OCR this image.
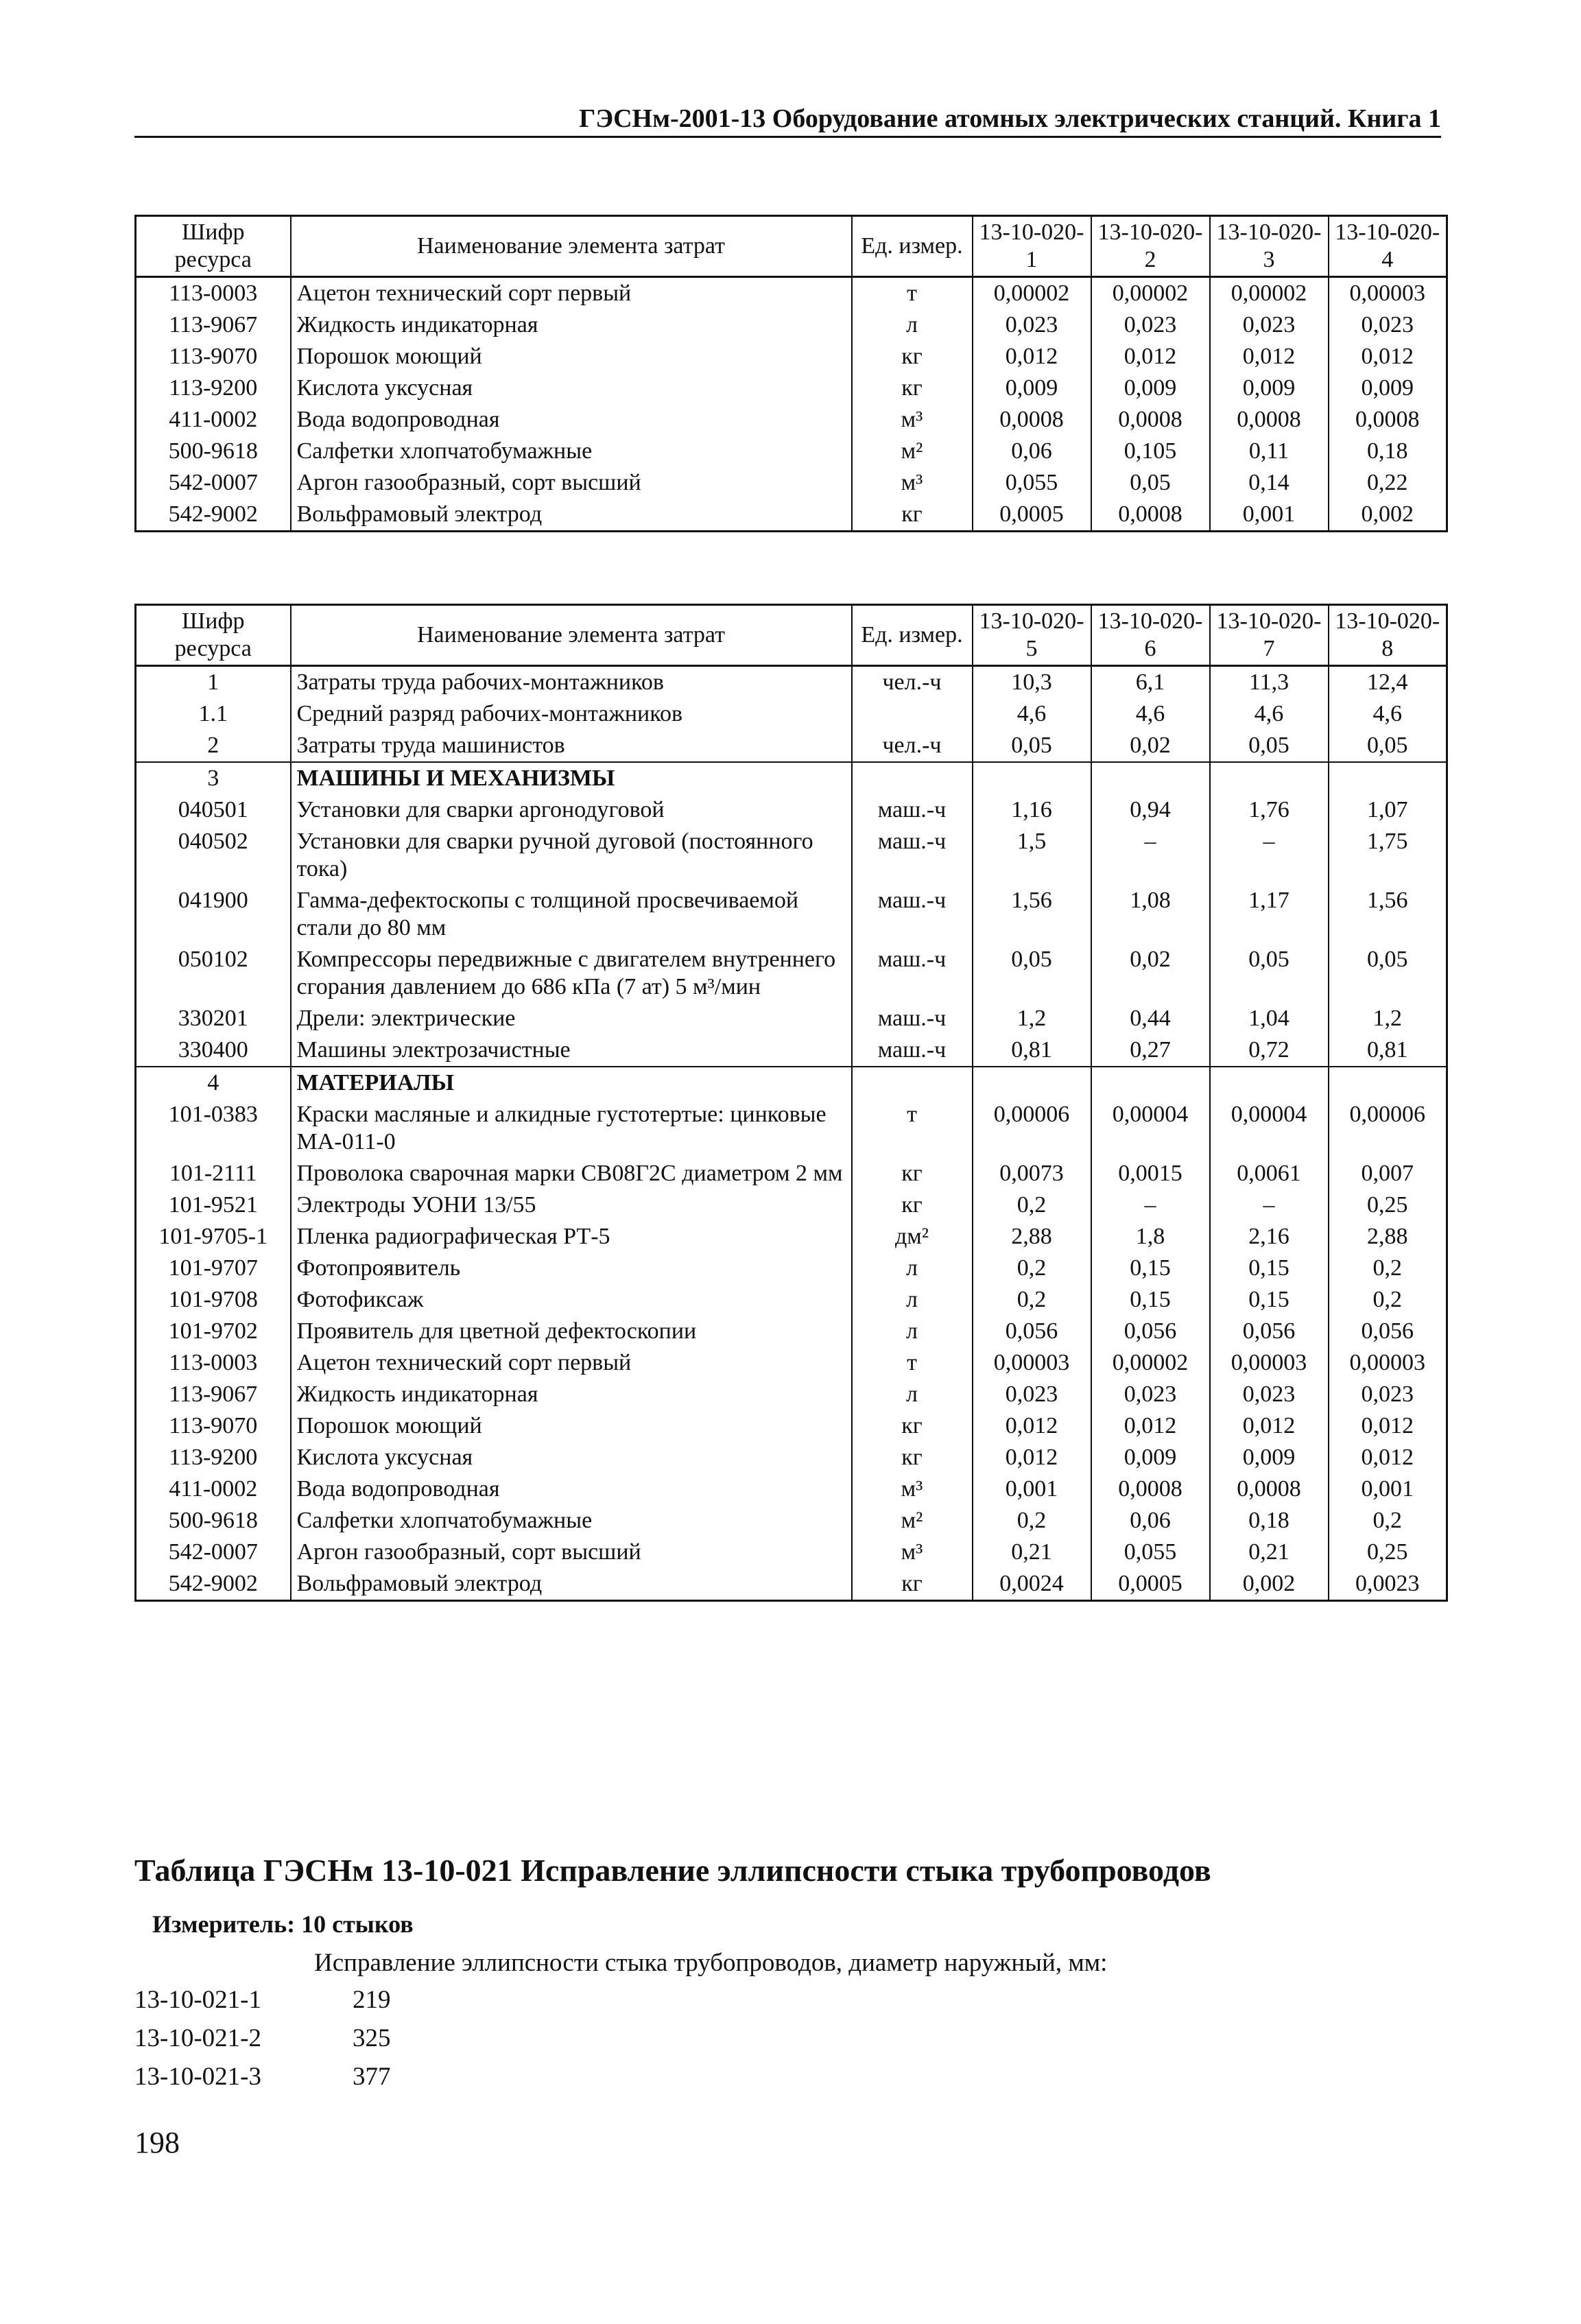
ГЭСНм-2001-13 Оборудование атомных электрических станций. Книга 1
Шифр ресурса	Наименование элемента затрат	Ед. измер.	13-10-020-1	13-10-020-2	13-10-020-3	13-10-020-4
113-0003	Ацетон технический сорт первый	т	0,00002	0,00002	0,00002	0,00003
113-9067	Жидкость индикаторная	л	0,023	0,023	0,023	0,023
113-9070	Порошок моющий	кг	0,012	0,012	0,012	0,012
113-9200	Кислота уксусная	кг	0,009	0,009	0,009	0,009
411-0002	Вода водопроводная	м³	0,0008	0,0008	0,0008	0,0008
500-9618	Салфетки хлопчатобумажные	м²	0,06	0,105	0,11	0,18
542-0007	Аргон газообразный, сорт высший	м³	0,055	0,05	0,14	0,22
542-9002	Вольфрамовый электрод	кг	0,0005	0,0008	0,001	0,002
Шифр ресурса	Наименование элемента затрат	Ед. измер.	13-10-020-5	13-10-020-6	13-10-020-7	13-10-020-8
1	Затраты труда рабочих-монтажников	чел.-ч	10,3	6,1	11,3	12,4
1.1	Средний разряд рабочих-монтажников		4,6	4,6	4,6	4,6
2	Затраты труда машинистов	чел.-ч	0,05	0,02	0,05	0,05
3	МАШИНЫ И МЕХАНИЗМЫ					
040501	Установки для сварки аргонодуговой	маш.-ч	1,16	0,94	1,76	1,07
040502	Установки для сварки ручной дуговой (постоянного тока)	маш.-ч	1,5	–	–	1,75
041900	Гамма-дефектоскопы с толщиной просвечиваемой стали до 80 мм	маш.-ч	1,56	1,08	1,17	1,56
050102	Компрессоры передвижные с двигателем внутреннего сгорания давлением до 686 кПа (7 ат) 5 м³/мин	маш.-ч	0,05	0,02	0,05	0,05
330201	Дрели: электрические	маш.-ч	1,2	0,44	1,04	1,2
330400	Машины электрозачистные	маш.-ч	0,81	0,27	0,72	0,81
4	МАТЕРИАЛЫ					
101-0383	Краски масляные и алкидные густотертые: цинковые МА-011-0	т	0,00006	0,00004	0,00004	0,00006
101-2111	Проволока сварочная марки СВ08Г2С диаметром 2 мм	кг	0,0073	0,0015	0,0061	0,007
101-9521	Электроды УОНИ 13/55	кг	0,2	–	–	0,25
101-9705-1	Пленка радиографическая РТ-5	дм²	2,88	1,8	2,16	2,88
101-9707	Фотопроявитель	л	0,2	0,15	0,15	0,2
101-9708	Фотофиксаж	л	0,2	0,15	0,15	0,2
101-9702	Проявитель для цветной дефектоскопии	л	0,056	0,056	0,056	0,056
113-0003	Ацетон технический сорт первый	т	0,00003	0,00002	0,00003	0,00003
113-9067	Жидкость индикаторная	л	0,023	0,023	0,023	0,023
113-9070	Порошок моющий	кг	0,012	0,012	0,012	0,012
113-9200	Кислота уксусная	кг	0,012	0,009	0,009	0,012
411-0002	Вода водопроводная	м³	0,001	0,0008	0,0008	0,001
500-9618	Салфетки хлопчатобумажные	м²	0,2	0,06	0,18	0,2
542-0007	Аргон газообразный, сорт высший	м³	0,21	0,055	0,21	0,25
542-9002	Вольфрамовый электрод	кг	0,0024	0,0005	0,002	0,0023
Таблица ГЭСНм 13-10-021 Исправление эллипсности стыка трубопроводов
Измеритель: 10 стыков
Исправление эллипсности стыка трубопроводов, диаметр наружный, мм:
13-10-021-1	219
13-10-021-2	325
13-10-021-3	377
198
